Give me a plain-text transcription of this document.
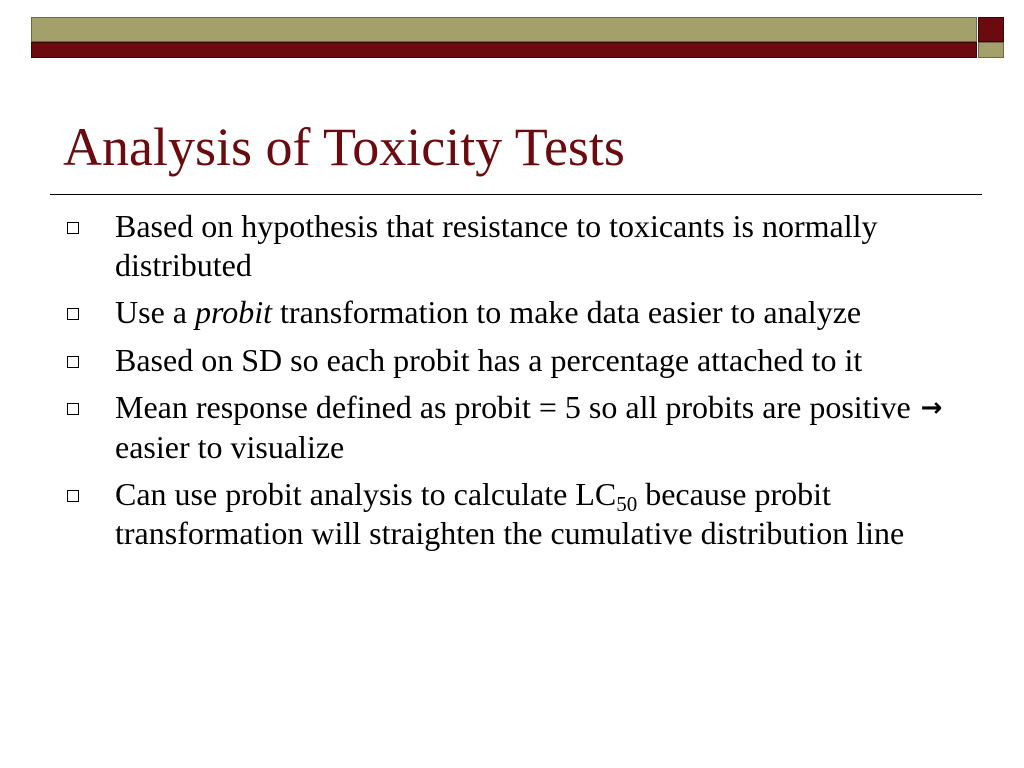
Analysis of Toxicity Tests
Based on hypothesis that resistance to toxicants is normally distributed
Use a probit transformation to make data easier to analyze
Based on SD so each probit has a percentage attached to it
Mean response defined as probit = 5 so all probits are positive →easier to visualize
Can use probit analysis to calculate $LC_{50}$ because probit transformation will straighten the cumulative distribution line
